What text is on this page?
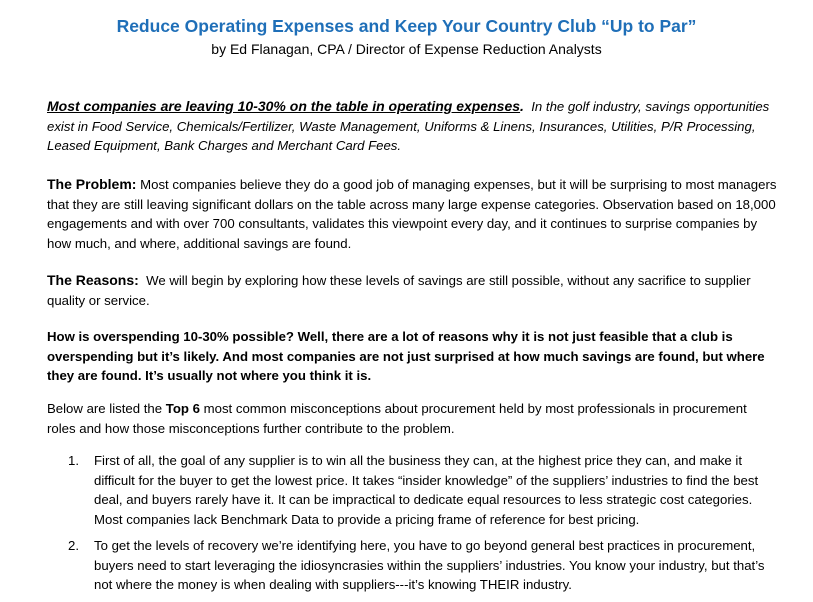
Reduce Operating Expenses and Keep Your Country Club “Up to Par”
by Ed Flanagan, CPA / Director of Expense Reduction Analysts

Most companies are leaving 10-30% on the table in operating expenses. In the golf industry, savings opportunities exist in Food Service, Chemicals/Fertilizer, Waste Management, Uniforms & Linens, Insurances, Utilities, P/R Processing, Leased Equipment, Bank Charges and Merchant Card Fees.

The Problem: Most companies believe they do a good job of managing expenses, but it will be surprising to most managers that they are still leaving significant dollars on the table across many large expense categories. Observation based on 18,000 engagements and with over 700 consultants, validates this viewpoint every day, and it continues to surprise companies by how much, and where, additional savings are found.

The Reasons: We will begin by exploring how these levels of savings are still possible, without any sacrifice to supplier quality or service.

How is overspending 10-30% possible? Well, there are a lot of reasons why it is not just feasible that a club is overspending but it’s likely. And most companies are not just surprised at how much savings are found, but where they are found. It’s usually not where you think it is.

Below are listed the Top 6 most common misconceptions about procurement held by most professionals in procurement roles and how those misconceptions further contribute to the problem.

1. First of all, the goal of any supplier is to win all the business they can, at the highest price they can, and make it difficult for the buyer to get the lowest price. It takes “insider knowledge” of the suppliers’ industries to find the best deal, and buyers rarely have it. It can be impractical to dedicate equal resources to less strategic cost categories. Most companies lack Benchmark Data to provide a pricing frame of reference for best pricing.
2. To get the levels of recovery we’re identifying here, you have to go beyond general best practices in procurement, buyers need to start leveraging the idiosyncrasies within the suppliers’ industries. You know your industry, but that’s not where the money is when dealing with suppliers---it’s knowing THEIR industry.
